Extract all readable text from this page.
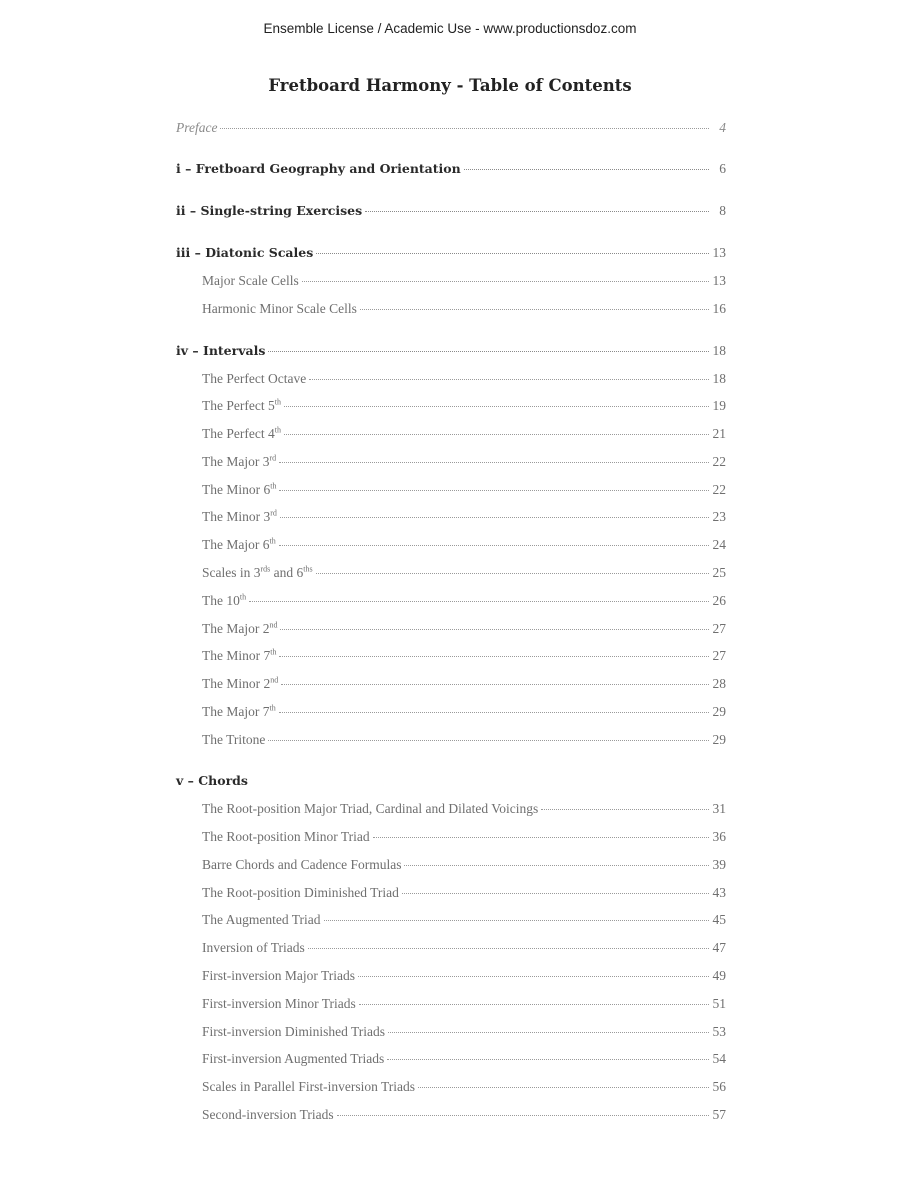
Ensemble License / Academic Use - www.productionsdoz.com
Fretboard Harmony - Table of Contents
Preface	4
i – Fretboard Geography and Orientation	6
ii – Single-string Exercises	8
iii – Diatonic Scales	13
Major Scale Cells	13
Harmonic Minor Scale Cells	16
iv – Intervals	18
The Perfect Octave	18
The Perfect 5th	19
The Perfect 4th	21
The Major 3rd	22
The Minor 6th	22
The Minor 3rd	23
The Major 6th	24
Scales in $3^{rds}$ and $6^{ths}$	25
The 10th	26
The Major 2nd	27
The Minor 7th	27
The Minor 2nd	28
The Major 7th	29
The Tritone	29
v – Chords
The Root-position Major Triad, Cardinal and Dilated Voicings	31
The Root-position Minor Triad	36
Barre Chords and Cadence Formulas	39
The Root-position Diminished Triad	43
The Augmented Triad	45
Inversion of Triads	47
First-inversion Major Triads	49
First-inversion Minor Triads	51
First-inversion Diminished Triads	53
First-inversion Augmented Triads	54
Scales in Parallel First-inversion Triads	56
Second-inversion Triads	57
